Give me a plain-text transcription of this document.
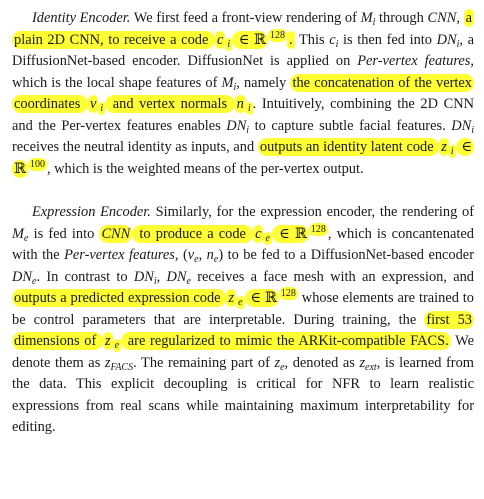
Identity Encoder. We first feed a front-view rendering of $M_i$ through CNN, a plain 2D CNN, to receive a code c $_i$ ∈ ℝ $^{128}$ . This $c_i$ is then fed into $DN_i$, a DiffusionNet-based encoder. DiffusionNet is applied on Per-vertex features, which is the local shape features of $M_i$, namely the concatenation of the vertex coordinates v $_i$ and vertex normals n $_i$ . Intuitively, combining the 2D CNN and the Per-vertex features enables $DN_i$ to capture subtle facial features. $DN_i$ receives the neutral identity as inputs, and outputs an identity latent code z $_i$ ∈ ℝ $^{100}$ , which is the weighted means of the per-vertex output.

Expression Encoder. Similarly, for the expression encoder, the rendering of $M_e$ is fed into CNN to produce a code c $_e$ ∈ ℝ $^{128}$ , which is concantenated with the Per-vertex features, ($v_e$, $n_e$) to be fed to a DiffusionNet-based encoder $DN_e$. In contrast to $DN_i$, $DN_e$ receives a face mesh with an expression, and outputs a predicted expression code z $_e$ ∈ ℝ $^{128}$ whose elements are trained to be control parameters that are interpretable. During training, the first 53 dimensions of z $_e$ are regularized to mimic the ARKit-compatible FACS. We denote them as $z_{FACS}$. The remaining part of $z_e$, denoted as $z_{ext}$, is learned from the data. This explicit decoupling is critical for NFR to learn realistic expressions from real scans while maintaining maximum interpretability for editing.
